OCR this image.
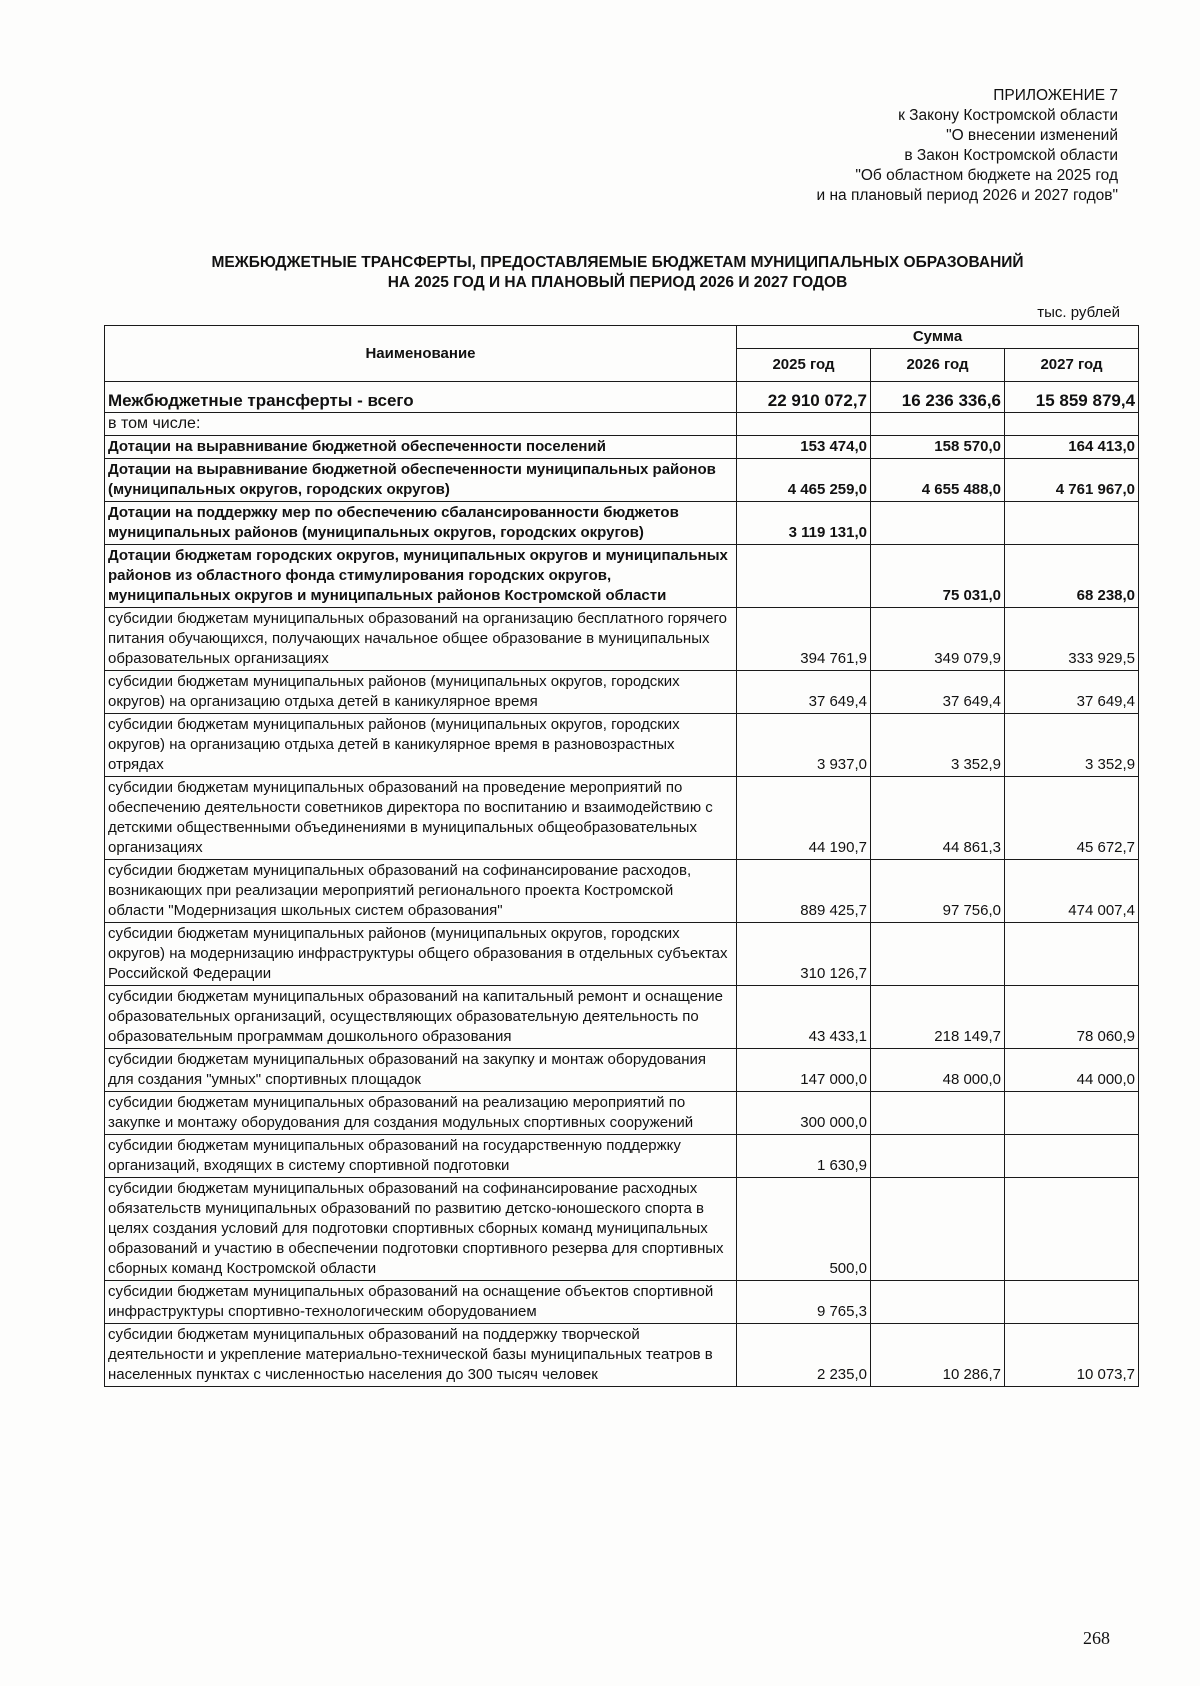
ПРИЛОЖЕНИЕ 7
к Закону Костромской области
"О внесении изменений
в Закон Костромской области
"Об областном бюджете на 2025 год
и на плановый период 2026 и 2027 годов"
МЕЖБЮДЖЕТНЫЕ ТРАНСФЕРТЫ, ПРЕДОСТАВЛЯЕМЫЕ БЮДЖЕТАМ МУНИЦИПАЛЬНЫХ ОБРАЗОВАНИЙ
НА 2025 ГОД И НА ПЛАНОВЫЙ ПЕРИОД 2026 И 2027 ГОДОВ
тыс. рублей
Наименование	Сумма		
	2025 год	2026 год	2027 год
Межбюджетные трансферты - всего	22 910 072,7	16 236 336,6	15 859 879,4
в том числе:			
Дотации на выравнивание бюджетной обеспеченности поселений	153 474,0	158 570,0	164 413,0
Дотации на выравнивание бюджетной обеспеченности муниципальных районов (муниципальных округов, городских округов)	4 465 259,0	4 655 488,0	4 761 967,0
Дотации на поддержку мер по обеспечению сбалансированности бюджетов муниципальных районов (муниципальных округов, городских округов)	3 119 131,0		
Дотации бюджетам городских округов, муниципальных округов и муниципальных районов из областного фонда стимулирования городских округов, муниципальных округов и муниципальных районов Костромской области		75 031,0	68 238,0
субсидии бюджетам муниципальных образований на организацию бесплатного горячего питания обучающихся, получающих начальное общее образование в муниципальных образовательных организациях	394 761,9	349 079,9	333 929,5
субсидии бюджетам муниципальных районов (муниципальных округов, городских округов) на организацию отдыха детей в каникулярное время	37 649,4	37 649,4	37 649,4
субсидии бюджетам муниципальных районов (муниципальных округов, городских округов) на организацию отдыха детей в каникулярное время в разновозрастных отрядах	3 937,0	3 352,9	3 352,9
субсидии бюджетам муниципальных образований на проведение мероприятий по обеспечению деятельности советников директора по воспитанию и взаимодействию с детскими общественными объединениями в муниципальных общеобразовательных организациях	44 190,7	44 861,3	45 672,7
субсидии бюджетам муниципальных образований на софинансирование расходов, возникающих при реализации мероприятий регионального проекта Костромской области "Модернизация школьных систем образования"	889 425,7	97 756,0	474 007,4
субсидии бюджетам муниципальных районов (муниципальных округов, городских округов) на модернизацию инфраструктуры общего образования в отдельных субъектах Российской Федерации	310 126,7		
субсидии бюджетам муниципальных образований на капитальный ремонт и оснащение образовательных организаций, осуществляющих образовательную деятельность по образовательным программам дошкольного образования	43 433,1	218 149,7	78 060,9
субсидии бюджетам муниципальных образований на закупку и монтаж оборудования для создания "умных" спортивных площадок	147 000,0	48 000,0	44 000,0
субсидии бюджетам муниципальных образований на реализацию мероприятий по закупке и монтажу оборудования для создания модульных спортивных сооружений	300 000,0		
субсидии бюджетам муниципальных образований на государственную поддержку организаций, входящих в систему спортивной подготовки	1 630,9		
субсидии бюджетам муниципальных образований на софинансирование расходных обязательств муниципальных образований по развитию детско-юношеского спорта в целях создания условий для подготовки спортивных сборных команд муниципальных образований и участию в обеспечении подготовки спортивного резерва для спортивных сборных команд Костромской области	500,0		
субсидии бюджетам муниципальных образований на оснащение объектов спортивной инфраструктуры спортивно-технологическим оборудованием	9 765,3		
субсидии бюджетам муниципальных образований на поддержку творческой деятельности и укрепление материально-технической базы муниципальных театров в населенных пунктах с численностью населения до 300 тысяч человек	2 235,0	10 286,7	10 073,7
268
